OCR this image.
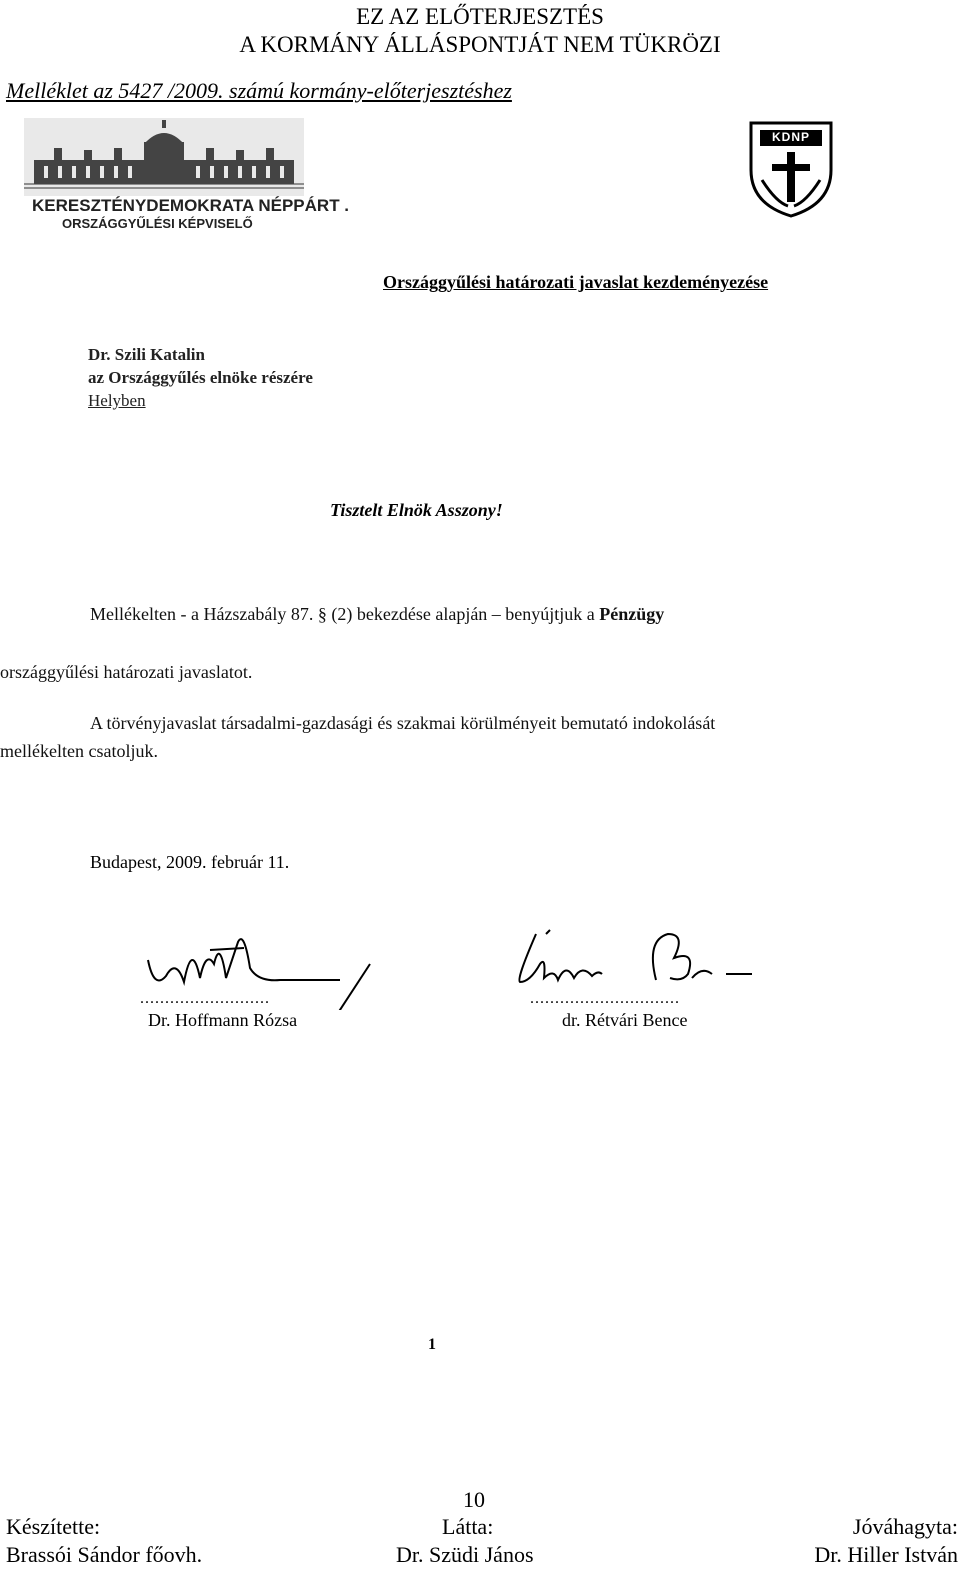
EZ AZ ELŐTERJESZTÉS
A KORMÁNY ÁLLÁSPONTJÁT NEM TÜKRÖZI
Melléklet az 5427 /2009. számú kormány-előterjesztéshez
KERESZTÉNYDEMOKRATA NÉPPÁRT .
ORSZÁGGYŰLÉSI KÉPVISELŐ
KDNP
Országgyűlési határozati javaslat kezdeményezése
Dr. Szili Katalin
az Országgyűlés elnöke részére
Helyben
Tisztelt Elnök Asszony!
Mellékelten - a Házszabály 87. § (2) bekezdése alapján – benyújtjuk a Pénzügy
országgyűlési határozati javaslatot.
A törvényjavaslat társadalmi-gazdasági és szakmai körülményeit bemutató indokolását
mellékelten csatoljuk.
Budapest, 2009. február 11.
..........................
Dr. Hoffmann Rózsa
..............................
dr. Rétvári Bence
1
10
Készítette:
Brassói Sándor főovh.
Látta:
Dr. Szüdi János
Jóváhagyta:
Dr. Hiller István
